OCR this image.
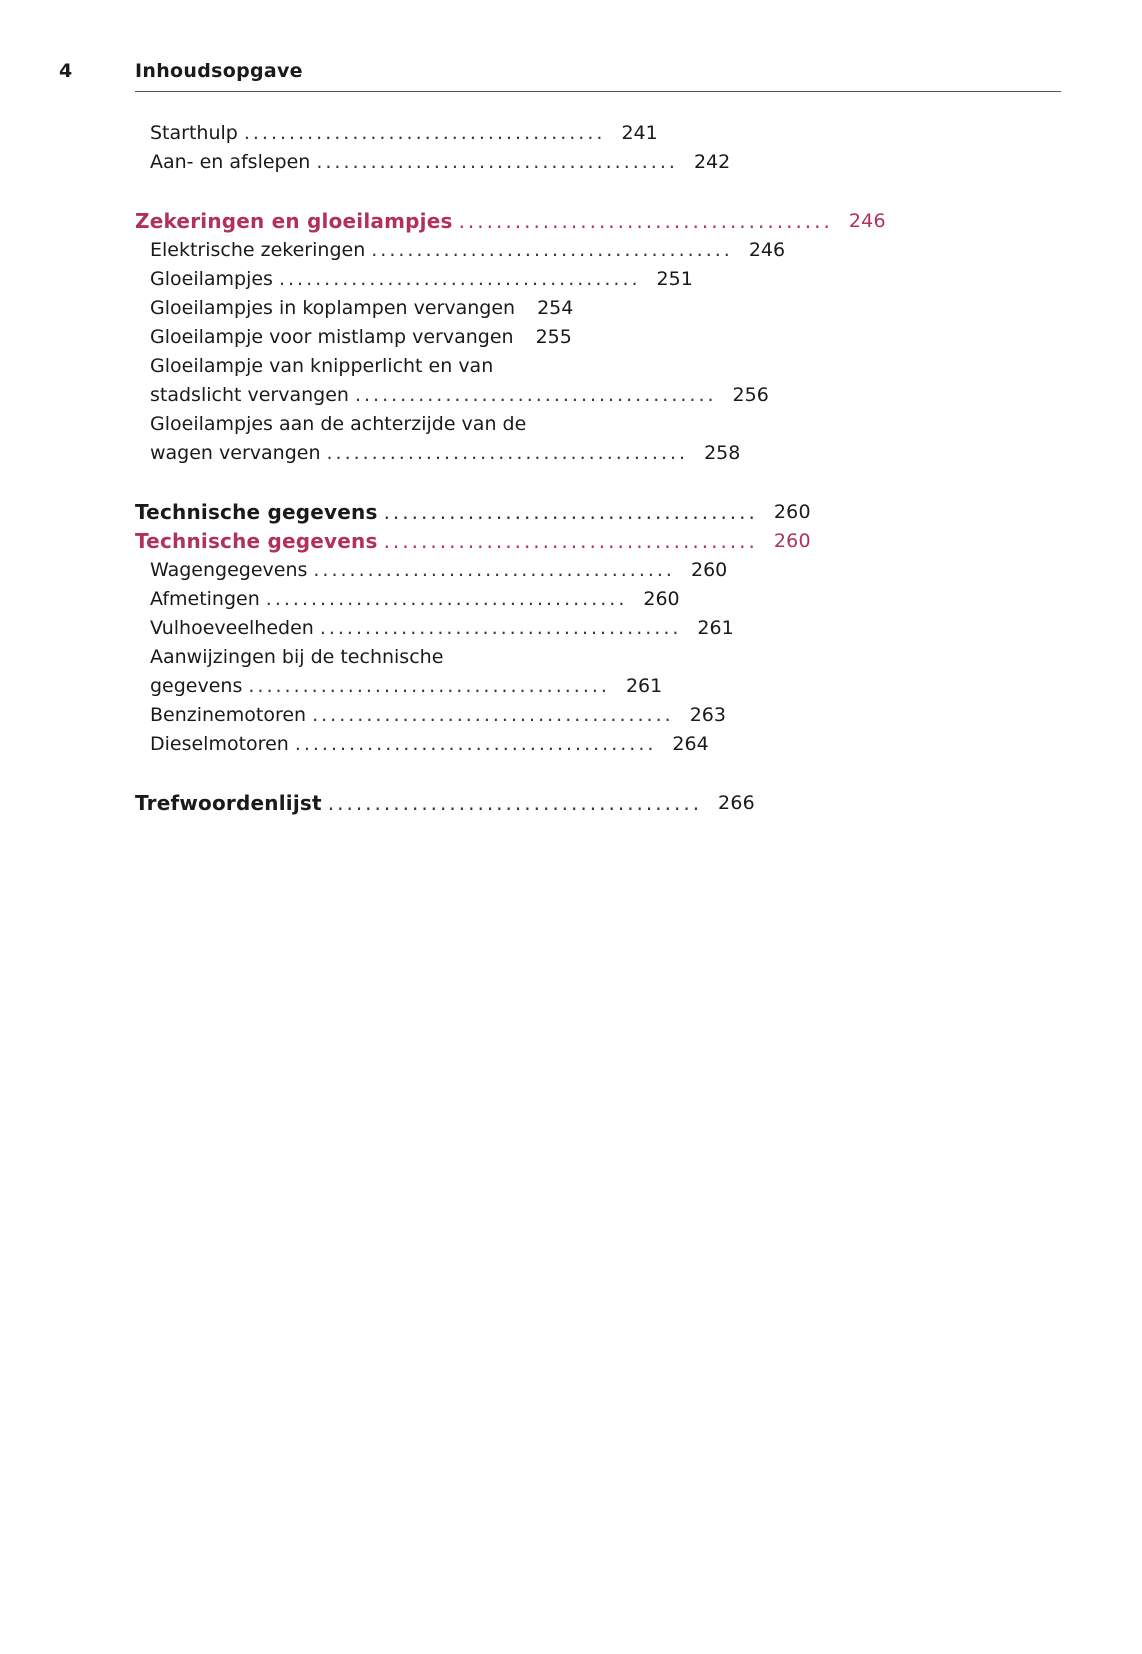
4	Inhoudsopgave
Starthulp ........................................ 241
Aan- en afslepen ........................................ 242
Zekeringen en gloeilampjes ........................................ 246
Elektrische zekeringen ........................................ 246
Gloeilampjes ........................................ 251
Gloeilampjes in koplampen vervangen	254
Gloeilampje voor mistlamp vervangen	255
Gloeilampje van knipperlicht en van
stadslicht vervangen ........................................ 256
Gloeilampjes aan de achterzijde van de
wagen vervangen ........................................ 258
Technische gegevens ........................................ 260
Technische gegevens ........................................ 260
Wagengegevens ........................................ 260
Afmetingen ........................................ 260
Vulhoeveelheden ........................................ 261
Aanwijzingen bij de technische
gegevens ........................................ 261
Benzinemotoren ........................................ 263
Dieselmotoren ........................................ 264
Trefwoordenlijst ........................................ 266
